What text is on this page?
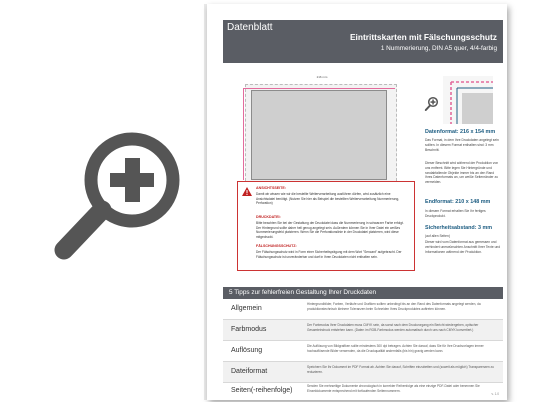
Datenblatt
Eintrittskarten mit Fälschungsschutz
1 Nummerierung, DIN A5 quer, 4/4-farbig
216 mm
Datenformat: 216 x 154 mm
Das Format, in dem Ihre Druckdaten angelegt sein sollten. In diesem Format enthalten sind: 3 mm Beschnitt.
Dieser Beschnitt wird während der Produktion von uns entfernt. Bitte legen Sie Hintergründe und randabfallende Objekte immer bis an den Rand Ihres Datenformats an, um weiße Seitenränder zu vermeiden.
Endformat: 210 x 148 mm
In diesem Format erhalten Sie Ihr fertiges Druckprodukt.
Sicherheitsabstand: 3 mm
(auf allen Seiten)
Dieser wird vom Datenformat aus gemessen und verhindert unerwünschten Anschnitt Ihrer Texte und Informationen während der Produktion.
ANSICHTSSEITE:
Damit wir wissen wie wir die bestellte Weiterverarbeitung ausführen dürfen, wird zusätzlich eine Ansichtsdatei benötigt. (Nutzen Sie hier als Beispiel die bestellten Weiterverarbeitung Nummerierung, Perforation)
DRUCKDATEI:
Bitte beachten Sie bei der Gestaltung der Druckdatei dass die Nummerierung in schwarzer Farbe erfolgt. Der Hintergrund sollte daher hell genug angelegt sein. Außerdem können Sie in Ihrer Datei ein weißes Nummerierungsfeld platzieren. Wenn Sie die Perforationslinie in der Druckdatei platzieren, wird diese mitgedruckt.
FÄLSCHUNGSSCHUTZ:
Der Fälschungsschutz wird in Form einer Sicherheitsprägung mit dem Wort "Sencant" aufgebracht. Der Fälschungsschutz ist unveränderbar und darf in Ihren Druckdaten nicht enthalten sein.
5 Tipps zur fehlerfreien Gestaltung Ihrer Druckdaten
Allgemein
Hintergrundbilder, Farben, Verläufe und Grafiken sollten unbedingt bis an den Rand des Datenformats angelegt werden, da produktionstechnisch kleinere Toleranzen beim Schneiden Ihres Druckproduktes auftreten können.
Farbmodus
Der Farbmodus Ihrer Druckdaten muss CMYK sein, da sonst nach dem Druckvorgang ein Bericht wiedergeben, optischer Gesamteindruck entstehen kann. (Daten im RGB-Farbmodus werden automatisch durch uns nach CMYK konvertiert.)
Auflösung
Die Auflösung von Bildgrafiken sollte mindestens 300 dpi betragen. Achten Sie darauf, dass Sie für Ihre Druckvorlagen immer hochauflösende Bilder verwenden, da die Druckqualität andernfalls (bis hin) gravig werden kann.
Dateiformat
Speichern Sie Ihr Dokument im PDF Format ab. Achten Sie darauf, Schriften einzubetten und (soweit als möglich) Transparenzen zu reduzieren.
Seiten(-reihenfolge)
Senden Sie mehrseitige Dokumente chronologisch in korrekter Reihenfolge als eine einzige PDF-Datei oder benennen Sie Einzeldokumente entsprechend mit fortlaufenden Seitennummern.
v. 1.0
